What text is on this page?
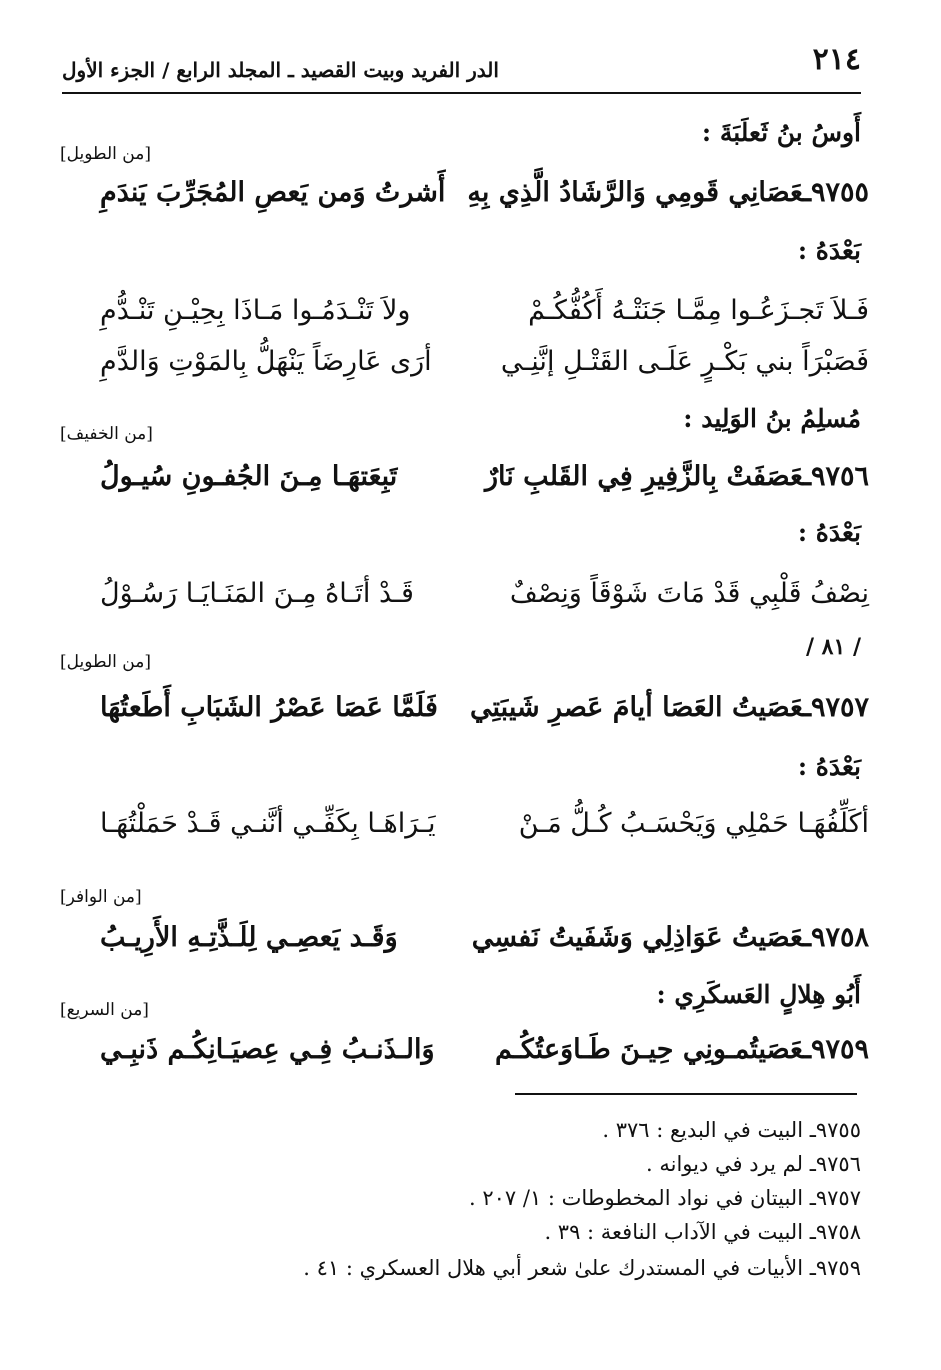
٢١٤
الدر الفريد وبيت القصيد ـ المجلد الرابع / الجزء الأول
أَوسُ بنُ ثَعلَبَةَ :
[من الطويل]
٩٧٥٥ـعَصَانِي قَومِي وَالرَّشَادُ الَّذِي بِهِ
أَشرتُ وَمن يَعصِ المُجَرِّبَ يَندَمِ
بَعْدَهُ :
فَـلاَ تَجـزَعُـوا مِمَّـا جَنَتْـهُ أَكُفُّكُـمْ
ولاَ تَنْـدَمُـوا مَـاذَا بِحِيْـنِ تَنْـدُّمِ
فَصَبْرَاً بني بَكْـرٍ عَلَـى القَتْـلِ إنَّنِـي
أرَى عَارِضَاً يَنْهَلُّ بِالمَوْتِ وَالدَّمِ
مُسلِمُ بنُ الوَلِيد :
[من الخفيف]
٩٧٥٦ـعَصَفَتْ بِالزَّفِيرِ فِي القَلبِ نَارٌ
تَبِعَتهَـا مِـنَ الجُفـونِ سُيـولُ
بَعْدَهُ :
نِصْفُ قَلْبِي قَدْ مَاتَ شَوْقَاً وَنِصْفٌ
قَـدْ أتَـاهُ مِـنَ المَنَـايَـا رَسُـوْلُ
/ ٨١ /
[من الطويل]
٩٧٥٧ـعَصَيتُ العَصَا أيامَ عَصرِ شَيبَتِي
فَلَمَّا عَصَا عَصْرُ الشَبَابِ أَطَعتُهَا
بَعْدَهُ :
أكَلِّفُهَـا حَمْلِي وَيَحْسَـبُ كُـلُّ مَـنْ
يَـرَاهَـا بِكَفِّـي أنَّنـي قَـدْ حَمَلْتُهَـا
[من الوافر]
٩٧٥٨ـعَصَيتُ عَوَاذِلِي وَشَفَيتُ نَفسِي
وَقَـد يَعصِـي لِلَـذَّتِـهِ الأَرِيـبُ
أَبُو هِلالٍ العَسكَرِي :
[من السريع]
٩٧٥٩ـعَصَيتُمـونِي حِيـنَ طَـاوَعتُكُـم
وَالـذَنـبُ فِـي عِصيَـانِكُـم ذَنبِـي
٩٧٥٥ـ البيت في البديع : ٣٧٦ .
٩٧٥٦ـ لم يرد في ديوانه .
٩٧٥٧ـ البيتان في نواد المخطوطات : ١/ ٢٠٧ .
٩٧٥٨ـ البيت في الآداب النافعة : ٣٩ .
٩٧٥٩ـ الأبيات في المستدرك علىٰ شعر أبي هلال العسكري : ٤١ .
